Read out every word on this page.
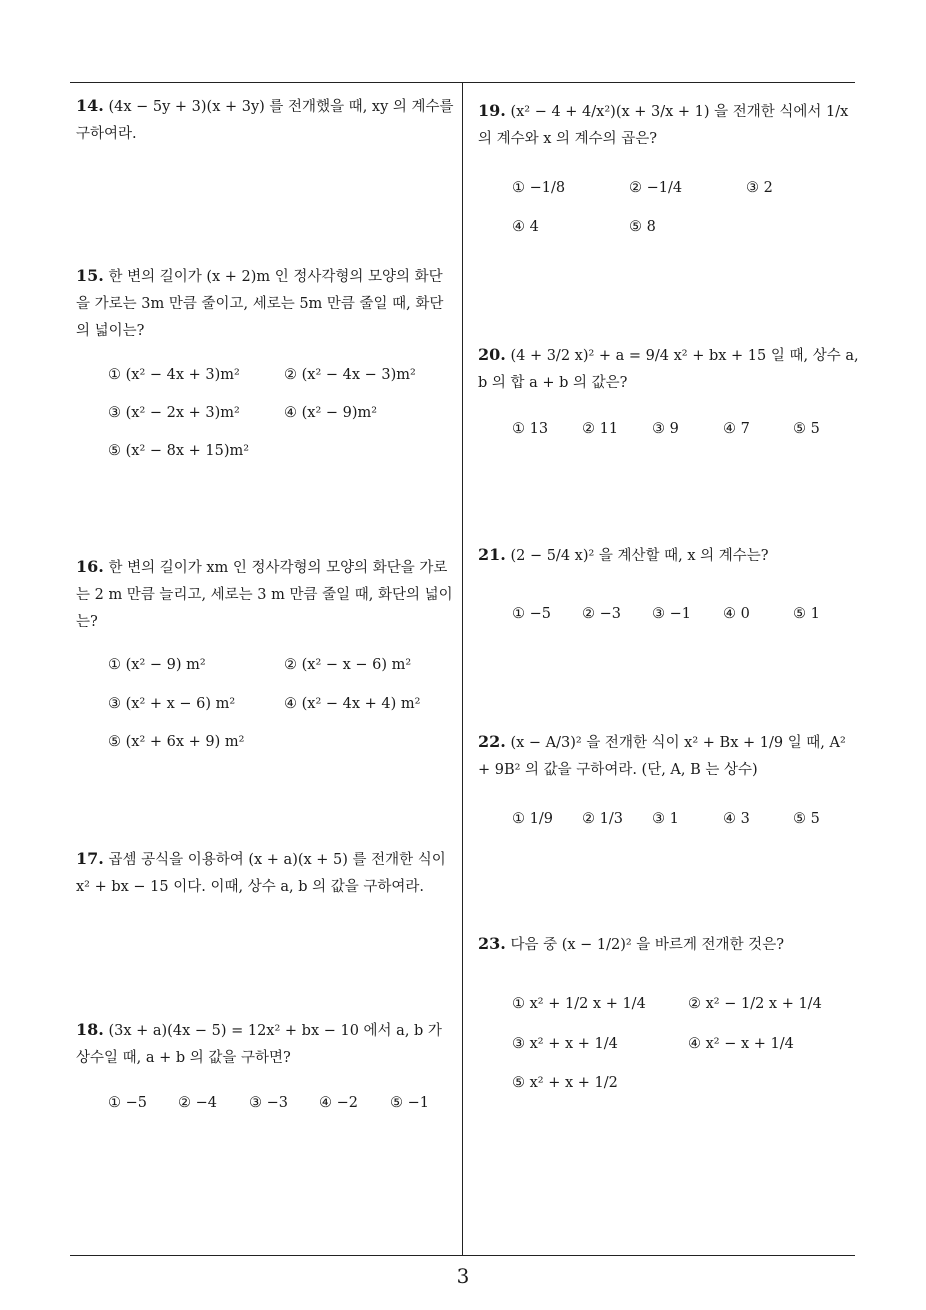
14. (4x − 5y + 3)(x + 3y) 를 전개했을 때, xy 의 계수를 구하여라.
15. 한 변의 길이가 (x + 2)m 인 정사각형의 모양의 화단을 가로는 3m 만큼 줄이고, 세로는 5m 만큼 줄일 때, 화단의 넓이는?
① (x² − 4x + 3)m²	② (x² − 4x − 3)m²
③ (x² − 2x + 3)m²	④ (x² − 9)m²
⑤ (x² − 8x + 15)m²
16. 한 변의 길이가 xm 인 정사각형의 모양의 화단을 가로는 2 m 만큼 늘리고, 세로는 3 m 만큼 줄일 때, 화단의 넓이는?
① (x² − 9) m²	② (x² − x − 6) m²
③ (x² + x − 6) m²	④ (x² − 4x + 4) m²
⑤ (x² + 6x + 9) m²
17. 곱셈 공식을 이용하여 (x + a)(x + 5) 를 전개한 식이 x² + bx − 15 이다. 이때, 상수 a, b 의 값을 구하여라.
18. (3x + a)(4x − 5) = 12x² + bx − 10 에서 a, b 가 상수일 때, a + b 의 값을 구하면?
① −5 ② −4 ③ −3 ④ −2 ⑤ −1
19. (x² − 4 + 4/x²)(x + 3/x + 1) 을 전개한 식에서 1/x 의 계수와 x 의 계수의 곱은?
① −1/8	② −1/4	③ 2
④ 4	⑤ 8
20. (4 + 3/2 x)² + a = 9/4 x² + bx + 15 일 때, 상수 a, b 의 합 a + b 의 값은?
① 13 ② 11 ③ 9	④ 7	⑤ 5
21. (2 − 5/4 x)² 을 계산할 때, x 의 계수는?
① −5 ② −3 ③ −1 ④ 0	⑤ 1
22. (x − A/3)² 을 전개한 식이 x² + Bx + 1/9 일 때, A² + 9B² 의 값을 구하여라. (단, A, B 는 상수)
① 1/9 ② 1/3 ③ 1	④ 3	⑤ 5
23. 다음 중 (x − 1/2)² 을 바르게 전개한 것은?
① x² + 1/2 x + 1/4	② x² − 1/2 x + 1/4
③ x² + x + 1/4	④ x² − x + 1/4
⑤ x² + x + 1/2
3
